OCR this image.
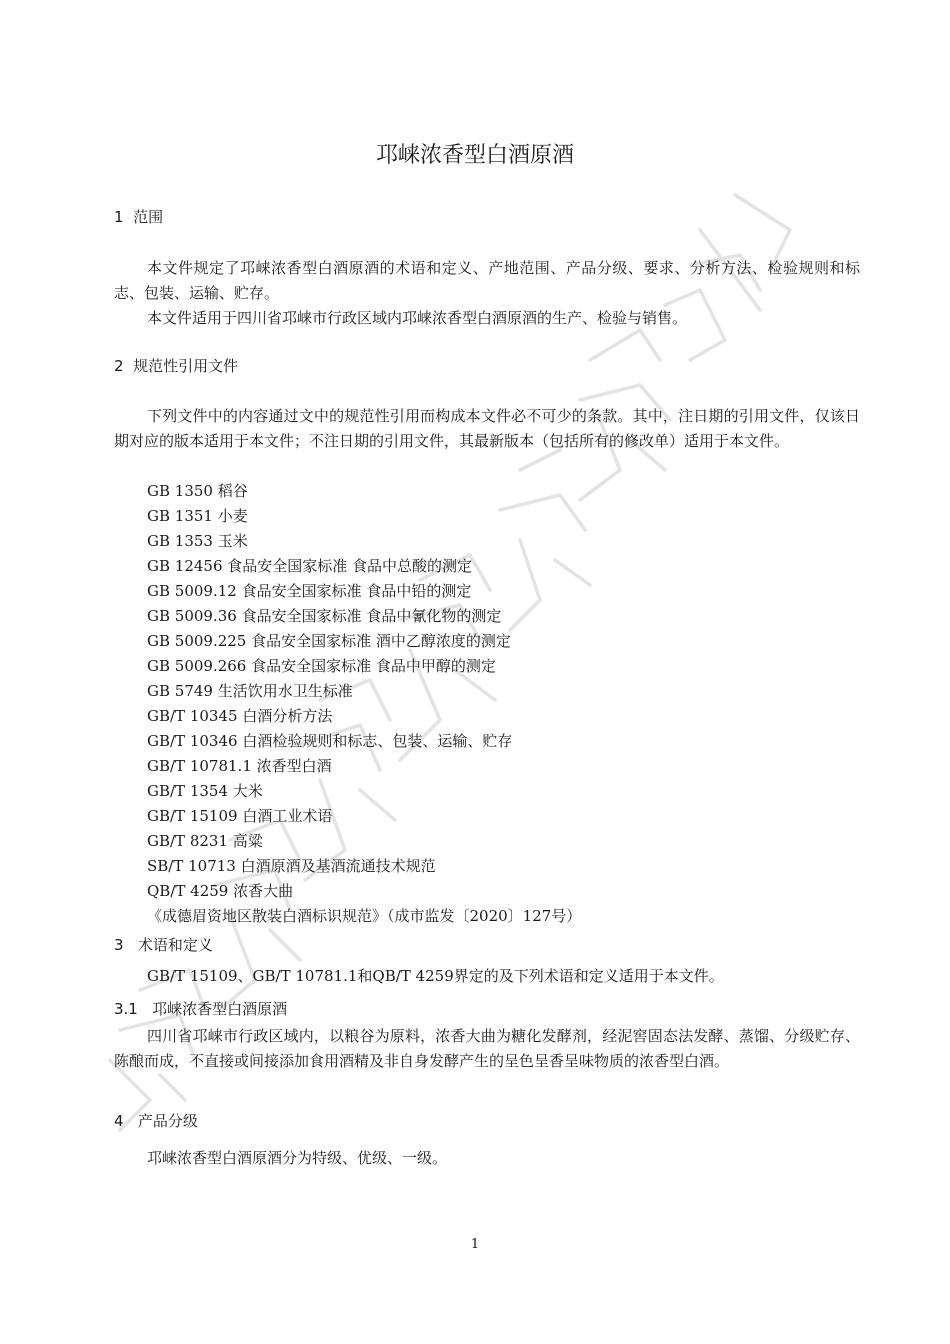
邛崃浓香型白酒原酒
1 范围

本文件规定了邛崃浓香型白酒原酒的术语和定义、产地范围、产品分级、要求、分析方法、检验规则和标志、包装、运输、贮存。

本文件适用于四川省邛崃市行政区域内邛崃浓香型白酒原酒的生产、检验与销售。

2 规范性引用文件

下列文件中的内容通过文中的规范性引用而构成本文件必不可少的条款。其中，注日期的引用文件，仅该日期对应的版本适用于本文件；不注日期的引用文件，其最新版本（包括所有的修改单）适用于本文件。

GB 1350 稻谷
GB 1351 小麦
GB 1353 玉米
GB 12456 食品安全国家标准 食品中总酸的测定
GB 5009.12 食品安全国家标准 食品中铅的测定
GB 5009.36 食品安全国家标准 食品中氰化物的测定
GB 5009.225 食品安全国家标准 酒中乙醇浓度的测定
GB 5009.266 食品安全国家标准 食品中甲醇的测定
GB 5749 生活饮用水卫生标准
GB/T 10345 白酒分析方法
GB/T 10346 白酒检验规则和标志、包装、运输、贮存
GB/T 10781.1 浓香型白酒
GB/T 1354 大米
GB/T 15109 白酒工业术语
GB/T 8231 高粱
SB/T 10713 白酒原酒及基酒流通技术规范
QB/T 4259 浓香大曲
《成德眉资地区散装白酒标识规范》（成市监发〔2020〕127号）
3 术语和定义

GB/T 15109、GB/T 10781.1和QB/T 4259界定的及下列术语和定义适用于本文件。

3.1 邛崃浓香型白酒原酒

四川省邛崃市行政区域内，以粮谷为原料，浓香大曲为糖化发酵剂，经泥窖固态法发酵、蒸馏、分级贮存、陈酿而成，不直接或间接添加食用酒精及非自身发酵产生的呈色呈香呈味物质的浓香型白酒。

4 产品分级

邛崃浓香型白酒原酒分为特级、优级、一级。

1
